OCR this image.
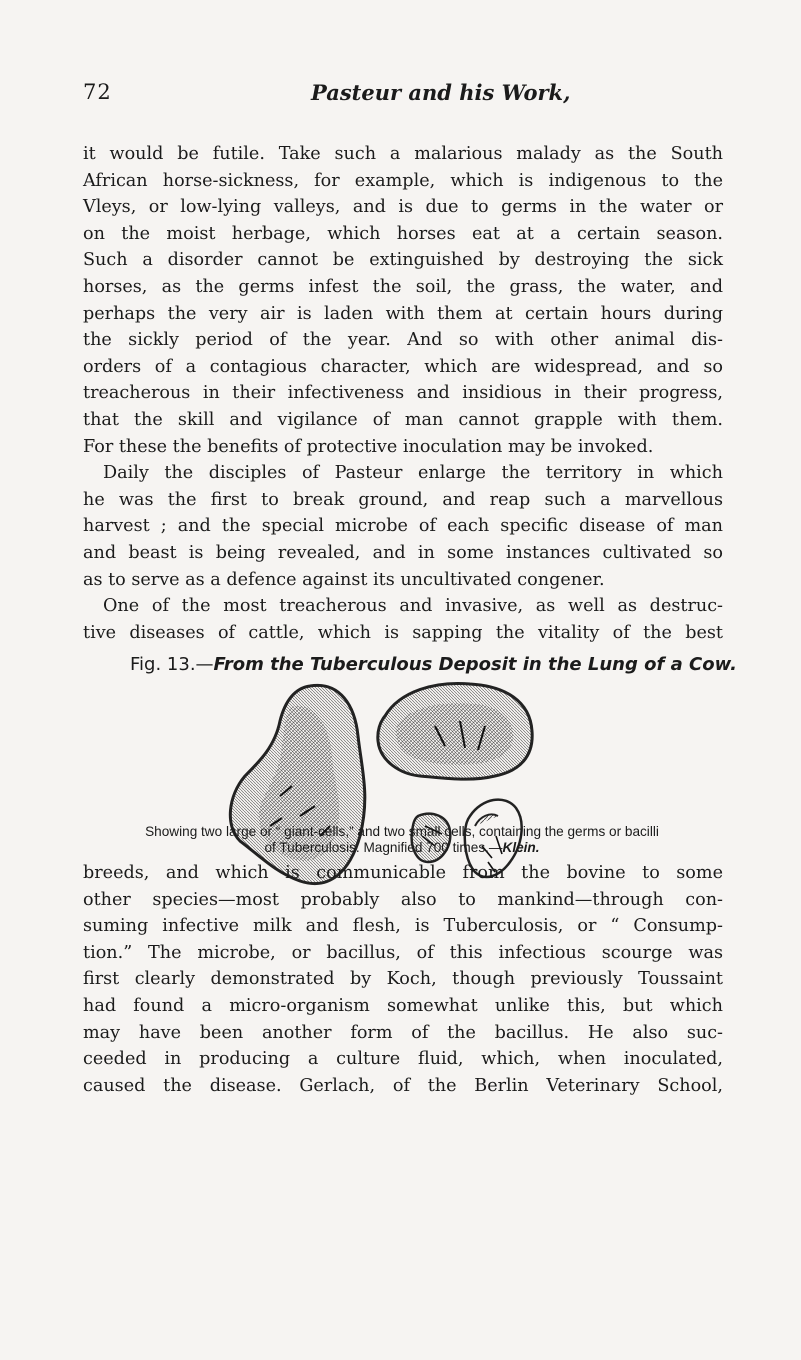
72	Pasteur and his Work,
it would be futile. Take such a malarious malady as the South
African horse-sickness, for example, which is indigenous to the
Vleys, or low-lying valleys, and is due to germs in the water or
on the moist herbage, which horses eat at a certain season.
Such a disorder cannot be extinguished by destroying the sick
horses, as the germs infest the soil, the grass, the water, and
perhaps the very air is laden with them at certain hours during
the sickly period of the year. And so with other animal dis-
orders of a contagious character, which are widespread, and so
treacherous in their infectiveness and insidious in their progress,
that the skill and vigilance of man cannot grapple with them.
For these the benefits of protective inoculation may be invoked.
Daily the disciples of Pasteur enlarge the territory in which
he was the first to break ground, and reap such a marvellous
harvest ; and the special microbe of each specific disease of man
and beast is being revealed, and in some instances cultivated so
as to serve as a defence against its uncultivated congener.
One of the most treacherous and invasive, as well as destruc-
tive diseases of cattle, which is sapping the vitality of the best
Fig. 13.—From the Tuberculous Deposit in the Lung of a Cow.
Showing two large or “ giant-cells,” and two small cells, containing the germs or bacilli
of Tuberculosis. Magnified 700 times.—Klein.
breeds, and which is communicable from the bovine to some
other species—most probably also to mankind—through con-
suming infective milk and flesh, is Tuberculosis, or “ Consump-
tion.” The microbe, or bacillus, of this infectious scourge was
first clearly demonstrated by Koch, though previously Toussaint
had found a micro-organism somewhat unlike this, but which
may have been another form of the bacillus. He also suc-
ceeded in producing a culture fluid, which, when inoculated,
caused the disease. Gerlach, of the Berlin Veterinary School,
